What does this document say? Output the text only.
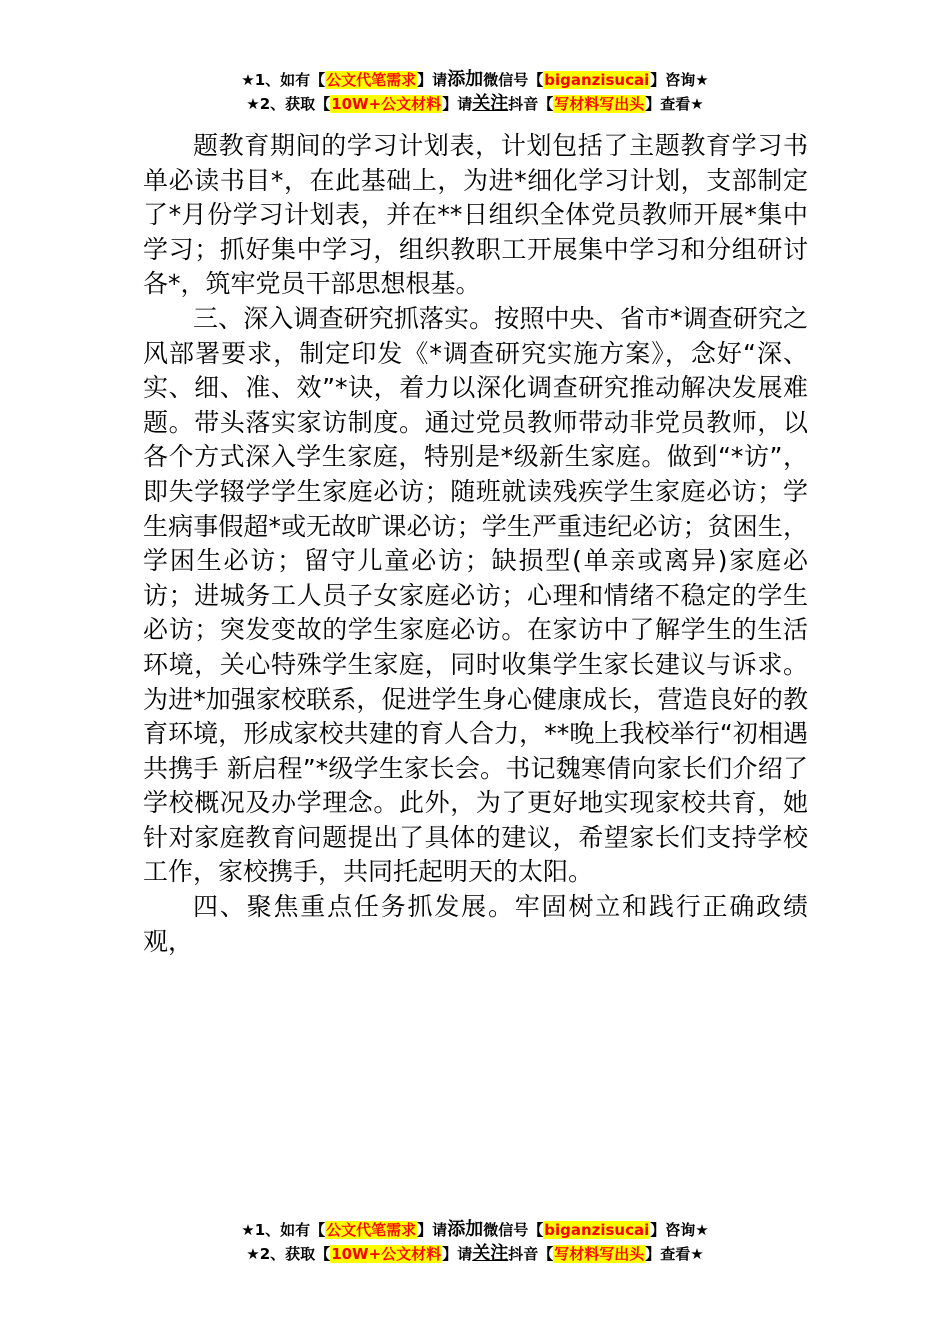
★1、如有【公文代笔需求】请添加微信号【biganzisucai】咨询★
★2、获取【10W+公文材料】请关注抖音【写材料写出头】查看★

题教育期间的学习计划表，计划包括了主题教育学习书单必读书目*，在此基础上，为进*细化学习计划，支部制定了*月份学习计划表，并在**日组织全体党员教师开展*集中学习；抓好集中学习，组织教职工开展集中学习和分组研讨各*，筑牢党员干部思想根基。

三、深入调查研究抓落实。按照中央、省市*调查研究之风部署要求，制定印发《*调查研究实施方案》，念好“深、实、细、准、效”*诀，着力以深化调查研究推动解决发展难题。带头落实家访制度。通过党员教师带动非党员教师，以各个方式深入学生家庭，特别是*级新生家庭。做到“*访”，即失学辍学学生家庭必访；随班就读残疾学生家庭必访；学生病事假超*或无故旷课必访；学生严重违纪必访；贫困生，学困生必访；留守儿童必访；缺损型(单亲或离异)家庭必访；进城务工人员子女家庭必访；心理和情绪不稳定的学生必访；突发变故的学生家庭必访。在家访中了解学生的生活环境，关心特殊学生家庭，同时收集学生家长建议与诉求。为进*加强家校联系，促进学生身心健康成长，营造良好的教育环境，形成家校共建的育人合力，**晚上我校举行“初相遇 共携手 新启程”*级学生家长会。书记魏寒倩向家长们介绍了学校概况及办学理念。此外，为了更好地实现家校共育，她针对家庭教育问题提出了具体的建议，希望家长们支持学校工作，家校携手，共同托起明天的太阳。

四、聚焦重点任务抓发展。牢固树立和践行正确政绩观，

★1、如有【公文代笔需求】请添加微信号【biganzisucai】咨询★
★2、获取【10W+公文材料】请关注抖音【写材料写出头】查看★
